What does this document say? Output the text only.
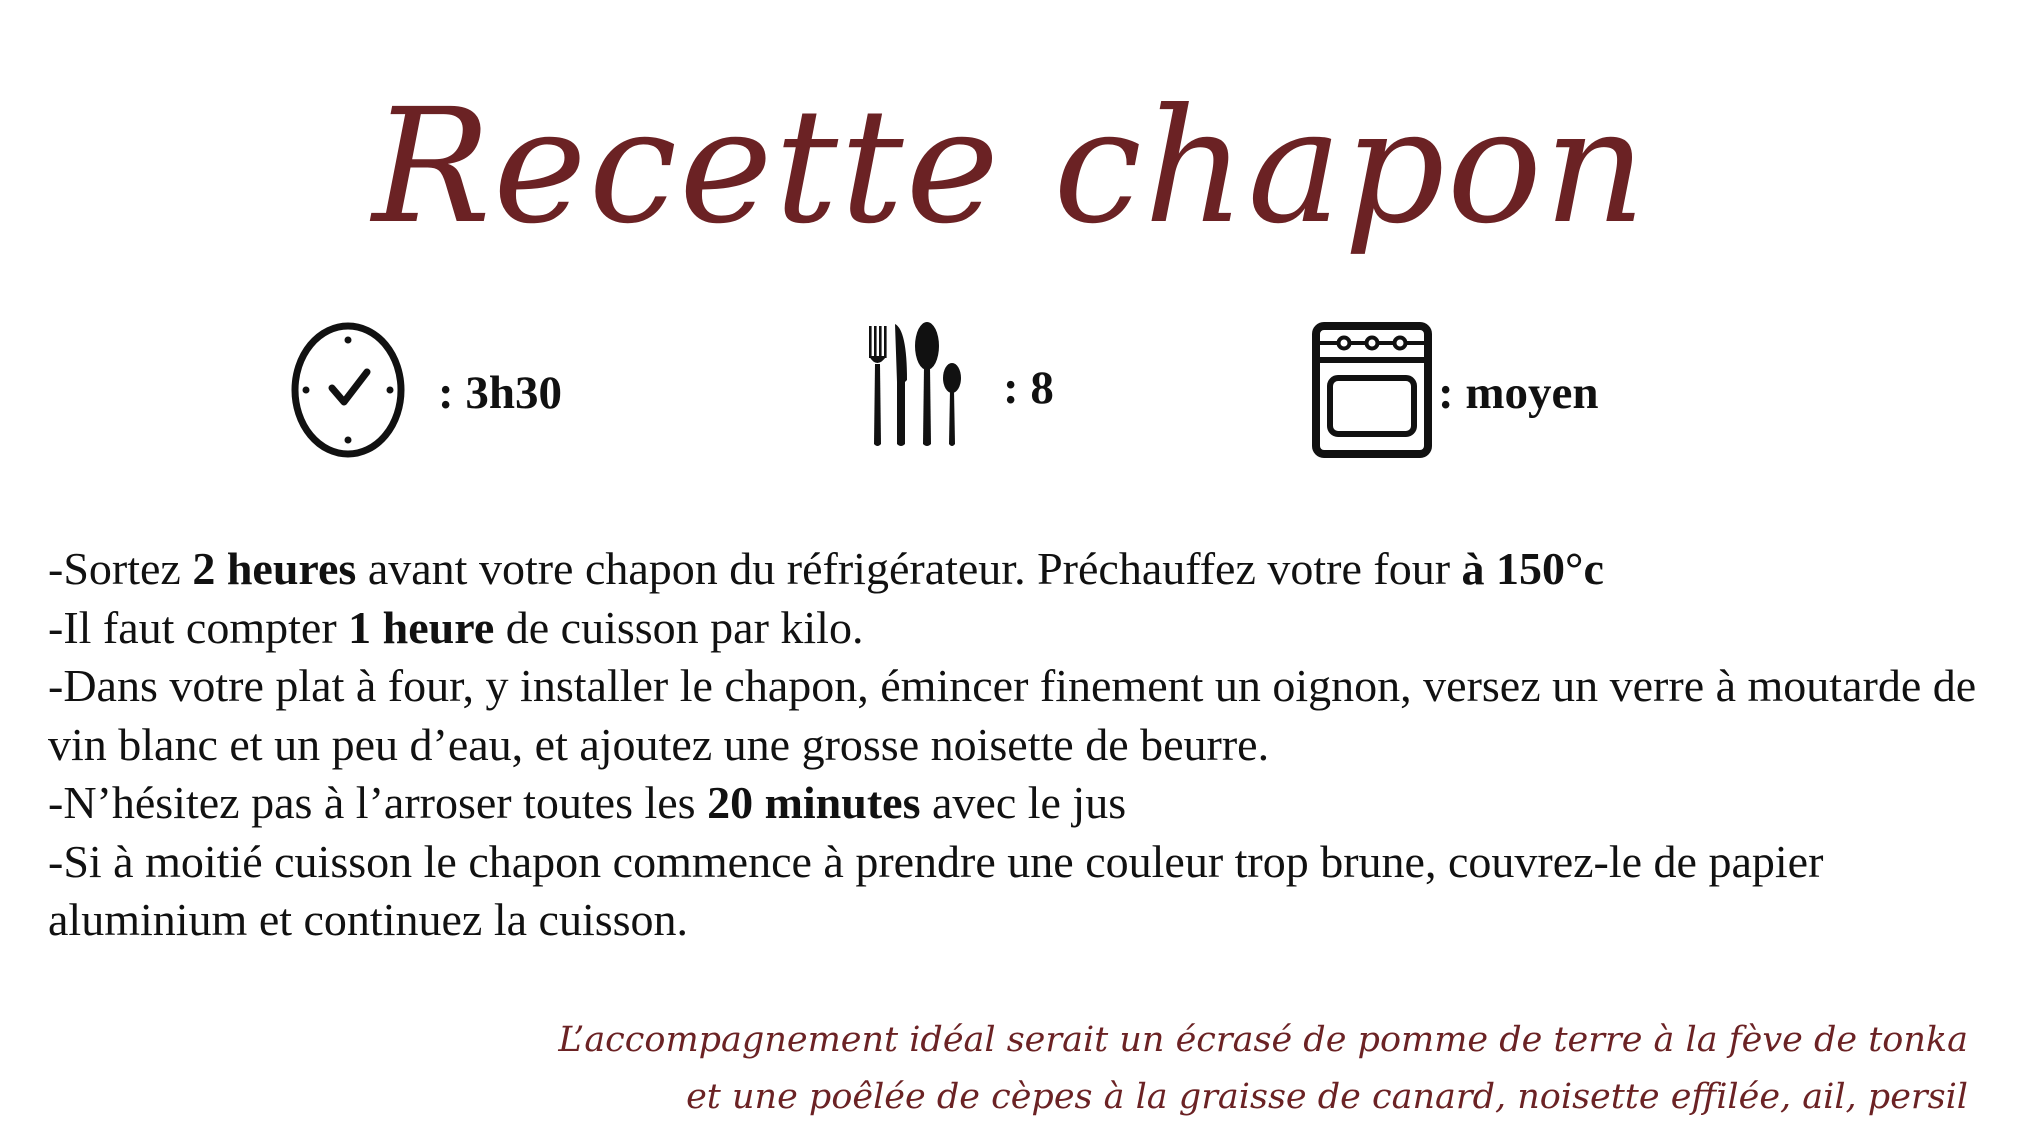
Recette chapon
: 3h30	: 8	: moyen

-Sortez 2 heures avant votre chapon du réfrigérateur. Préchauffez votre four à 150°c

-Il faut compter 1 heure de cuisson par kilo.

-Dans votre plat à four, y installer le chapon, émincer finement un oignon, versez un verre à moutarde de vin blanc et un peu d’eau, et ajoutez une grosse noisette de beurre.

-N’hésitez pas à l’arroser toutes les 20 minutes avec le jus

-Si à moitié cuisson le chapon commence à prendre une couleur trop brune, couvrez-le de papier aluminium et continuez la cuisson.

L’accompagnement idéal serait un écrasé de pomme de terre à la fève de tonka

et une poêlée de cèpes à la graisse de canard, noisette effilée, ail, persil
